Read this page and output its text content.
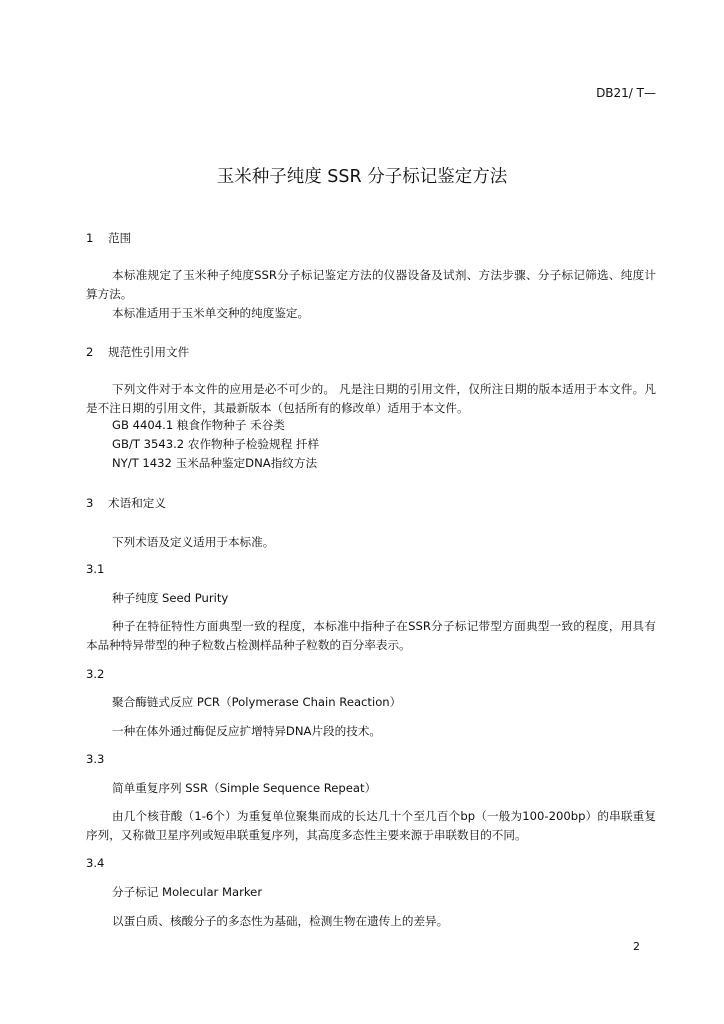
DB21/ T—
玉米种子纯度 SSR 分子标记鉴定方法
1 范围

本标准规定了玉米种子纯度SSR分子标记鉴定方法的仪器设备及试剂、方法步骤、分子标记筛选、纯度计算方法。

本标准适用于玉米单交种的纯度鉴定。

2 规范性引用文件

下列文件对于本文件的应用是必不可少的。 凡是注日期的引用文件，仅所注日期的版本适用于本文件。凡是不注日期的引用文件，其最新版本（包括所有的修改单）适用于本文件。

GB 4404.1 粮食作物种子 禾谷类
GB/T 3543.2 农作物种子检验规程 扦样
NY/T 1432 玉米品种鉴定DNA指纹方法
3 术语和定义

下列术语及定义适用于本标准。

3.1
种子纯度 Seed Purity

种子在特征特性方面典型一致的程度，本标准中指种子在SSR分子标记带型方面典型一致的程度，用具有本品种特异带型的种子粒数占检测样品种子粒数的百分率表示。

3.2
聚合酶链式反应 PCR（Polymerase Chain Reaction）

一种在体外通过酶促反应扩增特异DNA片段的技术。

3.3
简单重复序列 SSR（Simple Sequence Repeat）

由几个核苷酸（1-6个）为重复单位聚集而成的长达几十个至几百个bp（一般为100-200bp）的串联重复序列，又称微卫星序列或短串联重复序列，其高度多态性主要来源于串联数目的不同。

3.4
分子标记 Molecular Marker

以蛋白质、核酸分子的多态性为基础，检测生物在遗传上的差异。

2
